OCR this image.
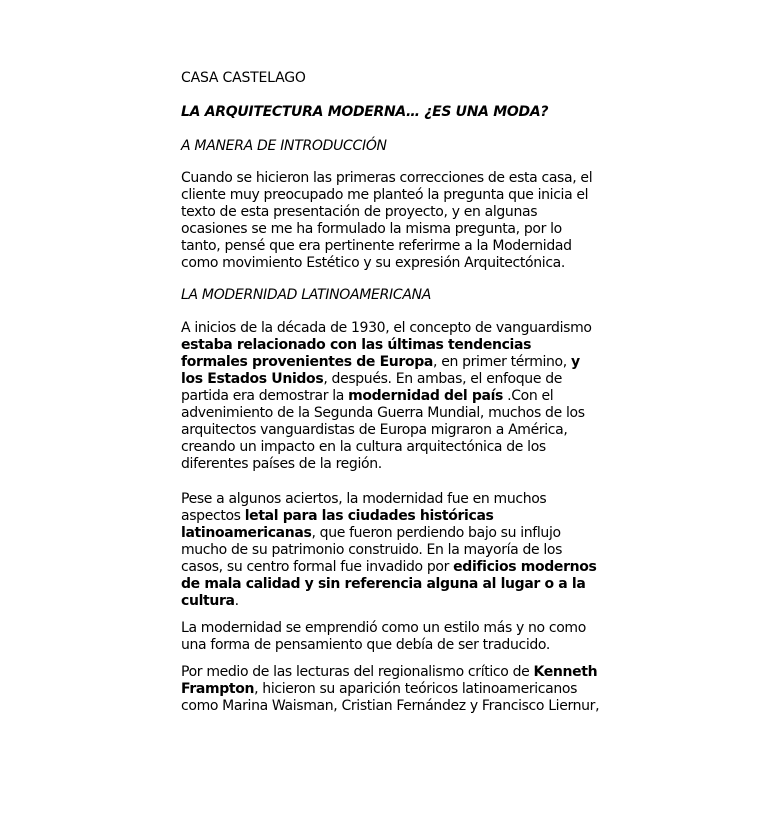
CASA CASTELAGO

LA ARQUITECTURA MODERNA… ¿ES UNA MODA?

A MANERA DE INTRODUCCIÓN

Cuando se hicieron las primeras correcciones de esta casa, el cliente muy preocupado me planteó la pregunta que inicia el texto de esta presentación de proyecto, y en algunas ocasiones se me ha formulado la misma pregunta, por lo tanto, pensé que era pertinente referirme a la Modernidad como movimiento Estético y su expresión Arquitectónica.

LA MODERNIDAD LATINOAMERICANA

A inicios de la década de 1930, el concepto de vanguardismo estaba relacionado con las últimas tendencias formales provenientes de Europa, en primer término, y los Estados Unidos, después. En ambas, el enfoque de partida era demostrar la modernidad del país .Con el advenimiento de la Segunda Guerra Mundial, muchos de los arquitectos vanguardistas de Europa migraron a América, creando un impacto en la cultura arquitectónica de los diferentes países de la región.

Pese a algunos aciertos, la modernidad fue en muchos aspectos letal para las ciudades históricas latinoamericanas, que fueron perdiendo bajo su influjo mucho de su patrimonio construido. En la mayoría de los casos, su centro formal fue invadido por edificios modernos de mala calidad y sin referencia alguna al lugar o a la cultura.

La modernidad se emprendió como un estilo más y no como una forma de pensamiento que debía de ser traducido.

Por medio de las lecturas del regionalismo crítico de Kenneth Frampton, hicieron su aparición teóricos latinoamericanos como Marina Waisman, Cristian Fernández y Francisco Liernur,
